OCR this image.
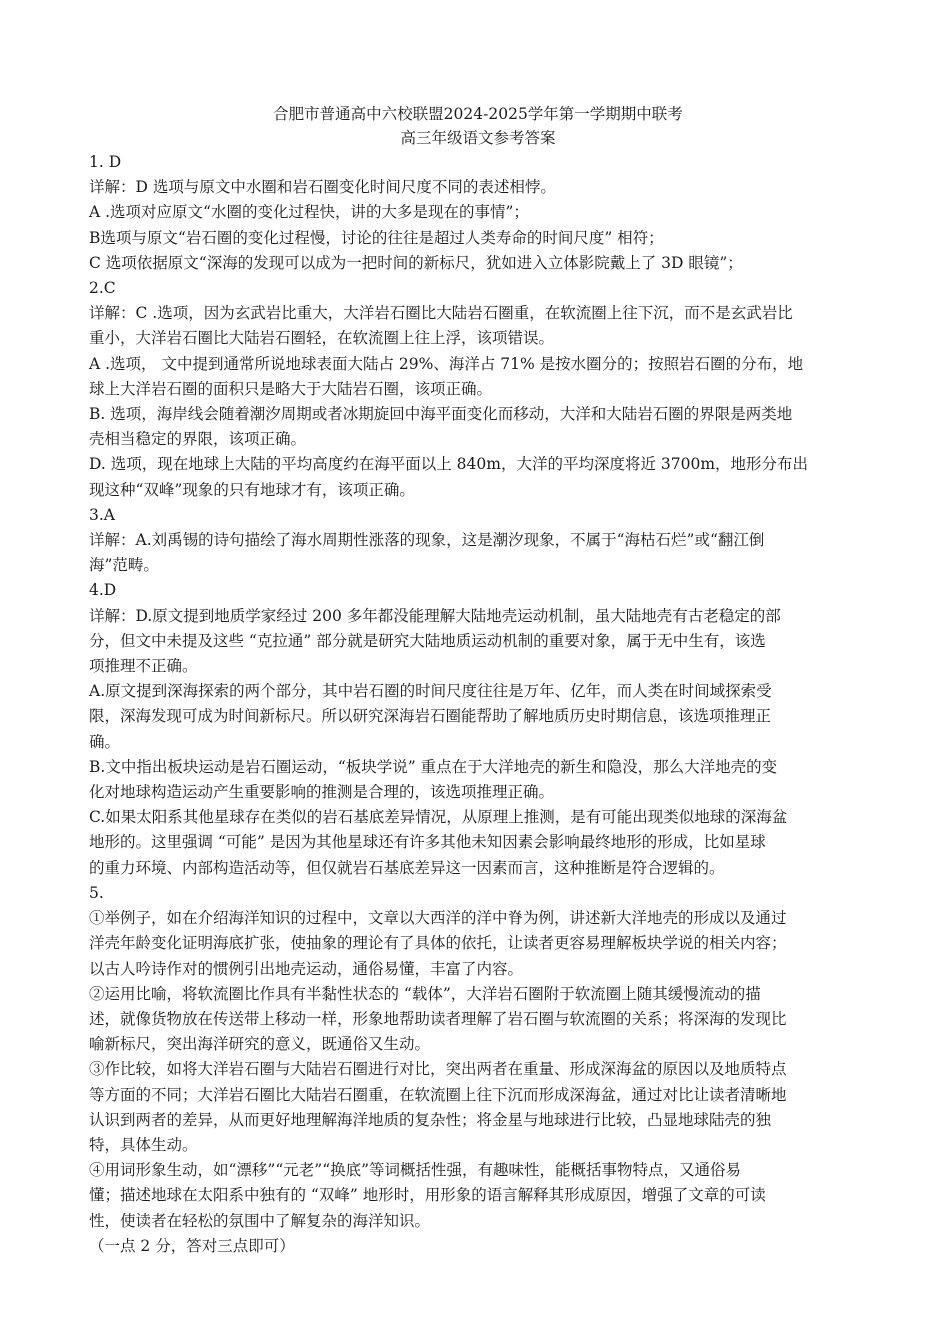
合肥市普通高中六校联盟2024-2025学年第一学期期中联考
高三年级语文参考答案

1. D

详解：D 选项与原文中水圈和岩石圈变化时间尺度不同的表述相悖。

A .选项对应原文“水圈的变化过程快，讲的大多是现在的事情”；

B选项与原文“岩石圈的变化过程慢，讨论的往往是超过人类寿命的时间尺度” 相符；

C 选项依据原文“深海的发现可以成为一把时间的新标尺，犹如进入立体影院戴上了 3D 眼镜”；

2.C

详解：C .选项，因为玄武岩比重大，大洋岩石圈比大陆岩石圈重，在软流圈上往下沉，而不是玄武岩比

重小，大洋岩石圈比大陆岩石圈轻，在软流圈上往上浮，该项错误。

A .选项， 文中提到通常所说地球表面大陆占 29%、海洋占 71% 是按水圈分的；按照岩石圈的分布，地

球上大洋岩石圈的面积只是略大于大陆岩石圈，该项正确。

B. 选项，海岸线会随着潮汐周期或者冰期旋回中海平面变化而移动，大洋和大陆岩石圈的界限是两类地

壳相当稳定的界限，该项正确。

D. 选项，现在地球上大陆的平均高度约在海平面以上 840m，大洋的平均深度将近 3700m，地形分布出

现这种“双峰”现象的只有地球才有，该项正确。

3.A

详解：A.刘禹锡的诗句描绘了海水周期性涨落的现象，这是潮汐现象，不属于“海枯石烂”或“翻江倒

海”范畴。

4.D

详解：D.原文提到地质学家经过 200 多年都没能理解大陆地壳运动机制，虽大陆地壳有古老稳定的部

分，但文中未提及这些 “克拉通” 部分就是研究大陆地质运动机制的重要对象，属于无中生有，该选

项推理不正确。

A.原文提到深海探索的两个部分，其中岩石圈的时间尺度往往是万年、亿年，而人类在时间域探索受

限，深海发现可成为时间新标尺。所以研究深海岩石圈能帮助了解地质历史时期信息，该选项推理正

确。

B.文中指出板块运动是岩石圈运动，“板块学说” 重点在于大洋地壳的新生和隐没，那么大洋地壳的变

化对地球构造运动产生重要影响的推测是合理的，该选项推理正确。

C.如果太阳系其他星球存在类似的岩石基底差异情况，从原理上推测，是有可能出现类似地球的深海盆

地形的。这里强调 “可能” 是因为其他星球还有许多其他未知因素会影响最终地形的形成，比如星球

的重力环境、内部构造活动等，但仅就岩石基底差异这一因素而言，这种推断是符合逻辑的。

5.

①举例子，如在介绍海洋知识的过程中，文章以大西洋的洋中脊为例，讲述新大洋地壳的形成以及通过

洋壳年龄变化证明海底扩张，使抽象的理论有了具体的依托，让读者更容易理解板块学说的相关内容；

以古人吟诗作对的惯例引出地壳运动，通俗易懂，丰富了内容。

②运用比喻，将软流圈比作具有半黏性状态的 “载体”，大洋岩石圈附于软流圈上随其缓慢流动的描

述，就像货物放在传送带上移动一样，形象地帮助读者理解了岩石圈与软流圈的关系；将深海的发现比

喻新标尺，突出海洋研究的意义，既通俗又生动。

③作比较，如将大洋岩石圈与大陆岩石圈进行对比，突出两者在重量、形成深海盆的原因以及地质特点

等方面的不同；大洋岩石圈比大陆岩石圈重，在软流圈上往下沉而形成深海盆，通过对比让读者清晰地

认识到两者的差异，从而更好地理解海洋地质的复杂性；将金星与地球进行比较，凸显地球陆壳的独

特，具体生动。

④用词形象生动，如“漂移”“元老”“换底”等词概括性强，有趣味性，能概括事物特点，又通俗易

懂；描述地球在太阳系中独有的 “双峰” 地形时，用形象的语言解释其形成原因，增强了文章的可读

性，使读者在轻松的氛围中了解复杂的海洋知识。

（一点 2 分，答对三点即可）
